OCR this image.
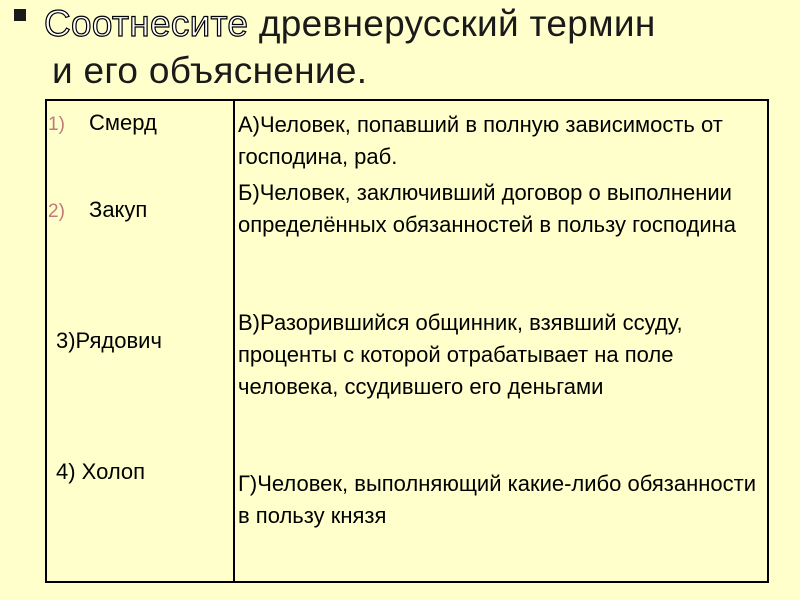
Соотнесите древнерусский термин
и его объяснение.
1) Смерд
2) Закуп
3)Рядович
4) Холоп
А)Человек, попавший в полную зависимость от господина, раб.
Б)Человек, заключивший договор о выполнении определённых обязанностей в пользу господина
В)Разорившийся общинник, взявший ссуду, проценты с которой отрабатывает на поле человека, ссудившего его деньгами
Г)Человек, выполняющий какие-либо обязанности в пользу князя
